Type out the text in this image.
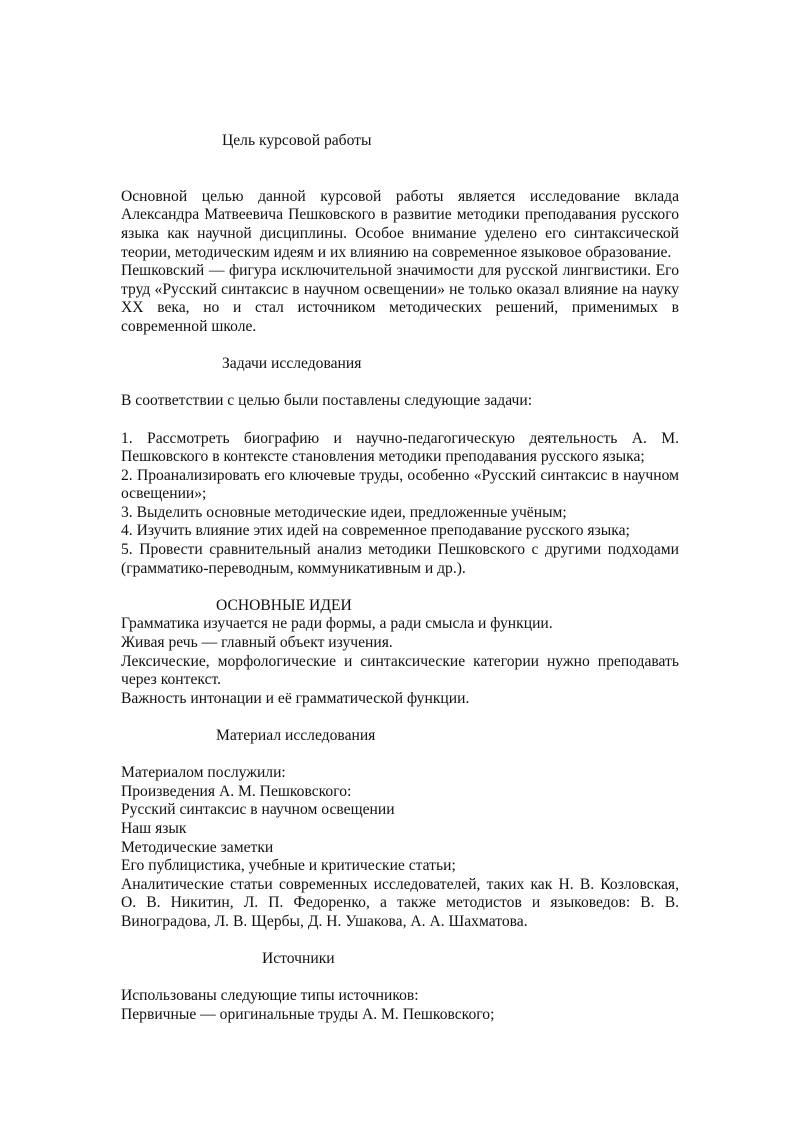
Цель курсовой работы

Основной целью данной курсовой работы является исследование вклада Александра Матвеевича Пешковского в развитие методики преподавания русского языка как научной дисциплины. Особое внимание уделено его синтаксической теории, методическим идеям и их влиянию на современное языковое образование.

Пешковский — фигура исключительной значимости для русской лингвистики. Его труд «Русский синтаксис в научном освещении» не только оказал влияние на науку XX века, но и стал источником методических решений, применимых в современной школе.

Задачи исследования

В соответствии с целью были поставлены следующие задачи:

1. Рассмотреть биографию и научно-педагогическую деятельность А. М. Пешковского в контексте становления методики преподавания русского языка;

2. Проанализировать его ключевые труды, особенно «Русский синтаксис в научном освещении»;

3. Выделить основные методические идеи, предложенные учёным;

4. Изучить влияние этих идей на современное преподавание русского языка;

5. Провести сравнительный анализ методики Пешковского с другими подходами (грамматико-переводным, коммуникативным и др.).

ОСНОВНЫЕ ИДЕИ

Грамматика изучается не ради формы, а ради смысла и функции.

Живая речь — главный объект изучения.

Лексические, морфологические и синтаксические категории нужно преподавать через контекст.

Важность интонации и её грамматической функции.

Материал исследования

Материалом послужили:

Произведения А. М. Пешковского:

Русский синтаксис в научном освещении

Наш язык

Методические заметки

Его публицистика, учебные и критические статьи;

Аналитические статьи современных исследователей, таких как Н. В. Козловская, О. В. Никитин, Л. П. Федоренко, а также методистов и языковедов: В. В. Виноградова, Л. В. Щербы, Д. Н. Ушакова, А. А. Шахматова.

Источники

Использованы следующие типы источников:

Первичные — оригинальные труды А. М. Пешковского;
